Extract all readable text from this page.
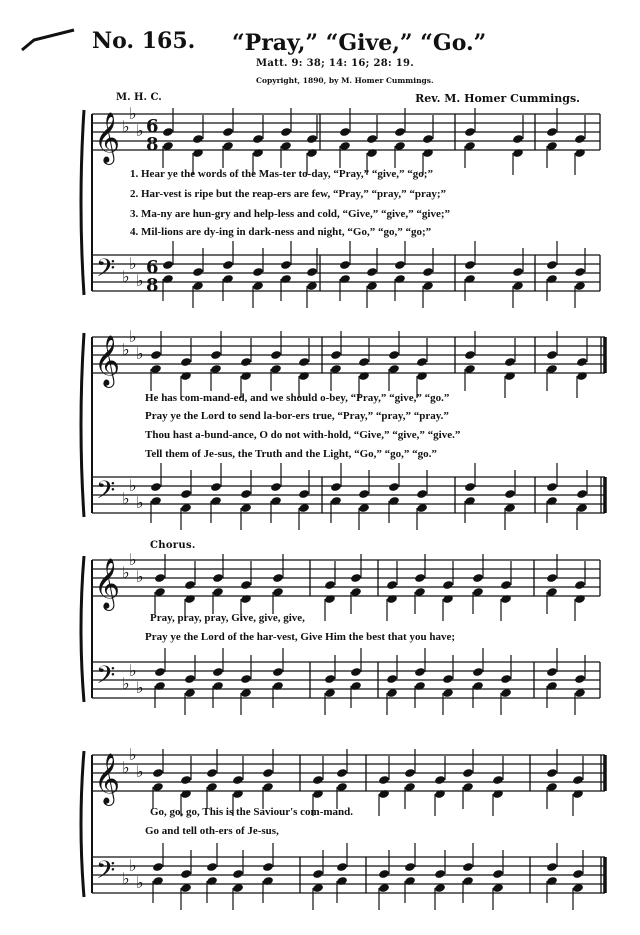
No. 165. “Pray,” “Give,” “Go.”
Matt. 9: 38; 14: 16; 28: 19.
Copyright, 1890, by M. Homer Cummings.
M. H. C.	Rev. M. Homer Cummings.
𝄞
𝄢
♭
♭
♭
♭
♭
♭
6
8
6
8
𝄞
𝄢
♭
♭
♭
♭
♭
♭
𝄞
𝄢
♭
♭
♭
♭
♭
♭
𝄞
𝄢
♭
♭
♭
♭
♭
♭
1. Hear ye the words of the Mas-ter to-day, “Pray,” “give,” “go;”
2. Har-vest is ripe but the reap-ers are few, “Pray,” “pray,” “pray;”
3. Ma-ny are hun-gry and help-less and cold, “Give,” “give,” “give;”
4. Mil-lions are dy-ing in dark-ness and night, “Go,” “go,” “go;”
He has com-mand-ed, and we should o-bey, “Pray,” “give,” “go.”
Pray ye the Lord to send la-bor-ers true, “Pray,” “pray,” “pray.”
Thou hast a-bund-ance, O do not with-hold, “Give,” “give,” “give.”
Tell them of Je-sus, the Truth and the Light, “Go,” “go,” “go.”
Chorus.
Pray, pray, pray, Give, give, give,
Pray ye the Lord of the har-vest, Give Him the best that you have;
Go, go, go, This is the Saviour's com-mand.
Go and tell oth-ers of Je-sus,
